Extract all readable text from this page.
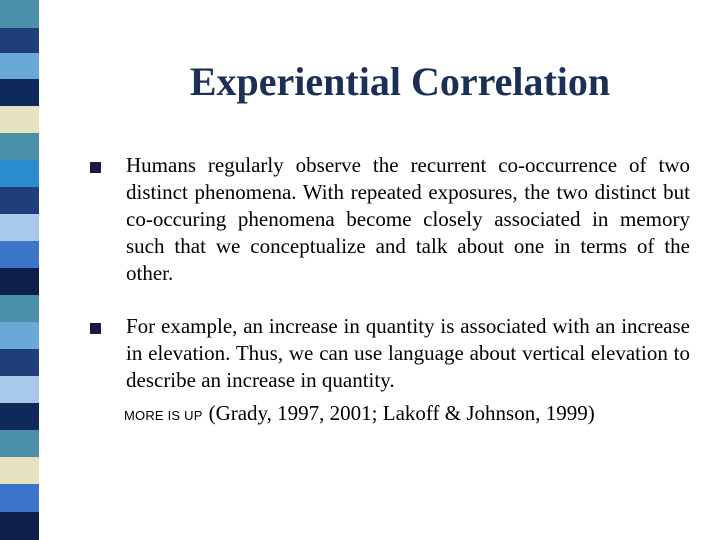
Experiential Correlation
Humans regularly observe the recurrent co-occurrence of two distinct phenomena. With repeated exposures, the two distinct but co-occuring phenomena become closely associated in memory such that we conceptualize and talk about one in terms of the other.
For example, an increase in quantity is associated with an increase in elevation. Thus, we can use language about vertical elevation to describe an increase in quantity.
MORE IS UP (Grady, 1997, 2001; Lakoff & Johnson, 1999)
